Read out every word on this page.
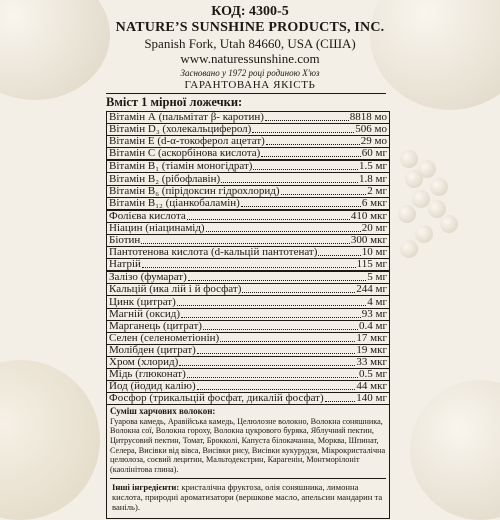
КОД: 4300-5
NATURE’S SUNSHINE PRODUCTS, INC.
Spanish Fork, Utah 84660, USA (США)
www.naturessunshine.com
Засновано у 1972 році родиною Х'юз
ГАРАНТОВАНА ЯКІСТЬ
Вміст 1 мірної ложечки:
Вітамін А (пальмітат β- каротин)	8818 мо
Вітамін D₃ (холекальциферол)	506 мо
Вітамін Е (d-α-токоферол ацетат)	29 мо
Вітамін С (аскорбінова кислота)	60 мг
Вітамін B₁ (тіамін моногідрат)	1.5 мг
Вітамін B₂ (рібофлавін)	1.8 мг
Вітамін B₆ (пірідоксин гідрохлорид)	2 мг
Вітамін B₁₂ (ціанкобаламін)	6 мкг
Фолієва кислота	410 мкг
Ніацин (ніацинамід)	20 мг
Біотин	300 мкг
Пантотенова кислота (d-кальцій пантотенат)	10 мг
Натрій	115 мг
Залізо (фумарат)	5 мг
Кальцій (ика лій і й фосфат)	244 мг
Цинк (цитрат)	4 мг
Магній (оксид)	93 мг
Марганець (цитрат)	0.4 мг
Селен (селенометіонін)	17 мкг
Молібден (цитрат)	19 мкг
Хром (хлорид)	33 мкг
Мідь (глюконат)	0.5 мг
Йод (йодид калію)	44 мкг
Фосфор (трикальцій фосфат, дикалій фосфат)	140 мг
Суміш харчових волокон:
Гуарова камедь, Аравійська камедь, Целюлозне волокно, Волокна соняшника, Волокна сої, Волокна гороху, Волокна цукрового буряка, Яблучний пектин, Цитрусовий пектин, Томат, Брокколі, Капуста білокачанна, Морква, Шпинат, Селера, Висівки від вівса, Висівки рису, Висівки кукурудзи, Мікрокристалічна целюлоза, соєвий лецитин, Мальтодекстрин, Карагенін, Монтморілоніт (каолінітова глина).
Інші інгредієнти: кристалічна фруктоза, олія соняшника, лимонна кислота, природні ароматизатори (вершкове масло, апельсин мандарин та ваніль).
